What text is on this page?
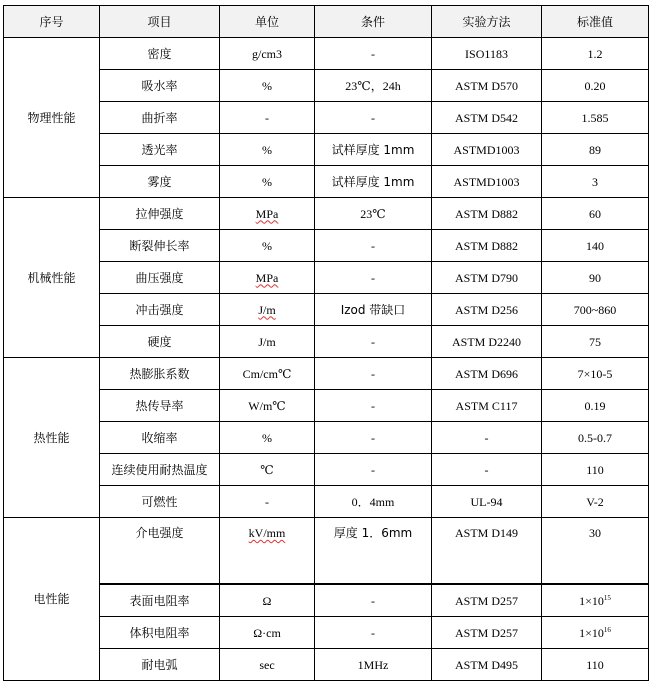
序号	项目	单位	条件	实验方法	标准值
物理性能	密度	g/cm3	-	ISO1183	1.2
	吸水率	%	23℃，24h	ASTM D570	0.20
	曲折率	-	-	ASTM D542	1.585
	透光率	%	试样厚度 1mm	ASTMD1003	89
	雾度	%	试样厚度 1mm	ASTMD1003	3
机械性能	拉伸强度	MPa	23℃	ASTM D882	60
	断裂伸长率	%	-	ASTM D882	140
	曲压强度	MPa	-	ASTM D790	90
	冲击强度	J/m	Izod 带缺口	ASTM D256	700~860
	硬度	J/m	-	ASTM D2240	75
热性能	热膨胀系数	Cm/cm℃	-	ASTM D696	7×10-5
	热传导率	W/m℃	-	ASTM C117	0.19
	收缩率	%	-	-	0.5-0.7
	连续使用耐热温度	℃	-	-	110
	可燃性	-	0．4mm	UL-94	V-2
电性能	介电强度	kV/mm	厚度 1．6mm	ASTM D149	30
	表面电阻率	Ω	-	ASTM D257	$1\times 10^{15}$
	体积电阻率	Ω·cm	-	ASTM D257	$1\times 10^{16}$
	耐电弧	sec	1MHz	ASTM D495	110
